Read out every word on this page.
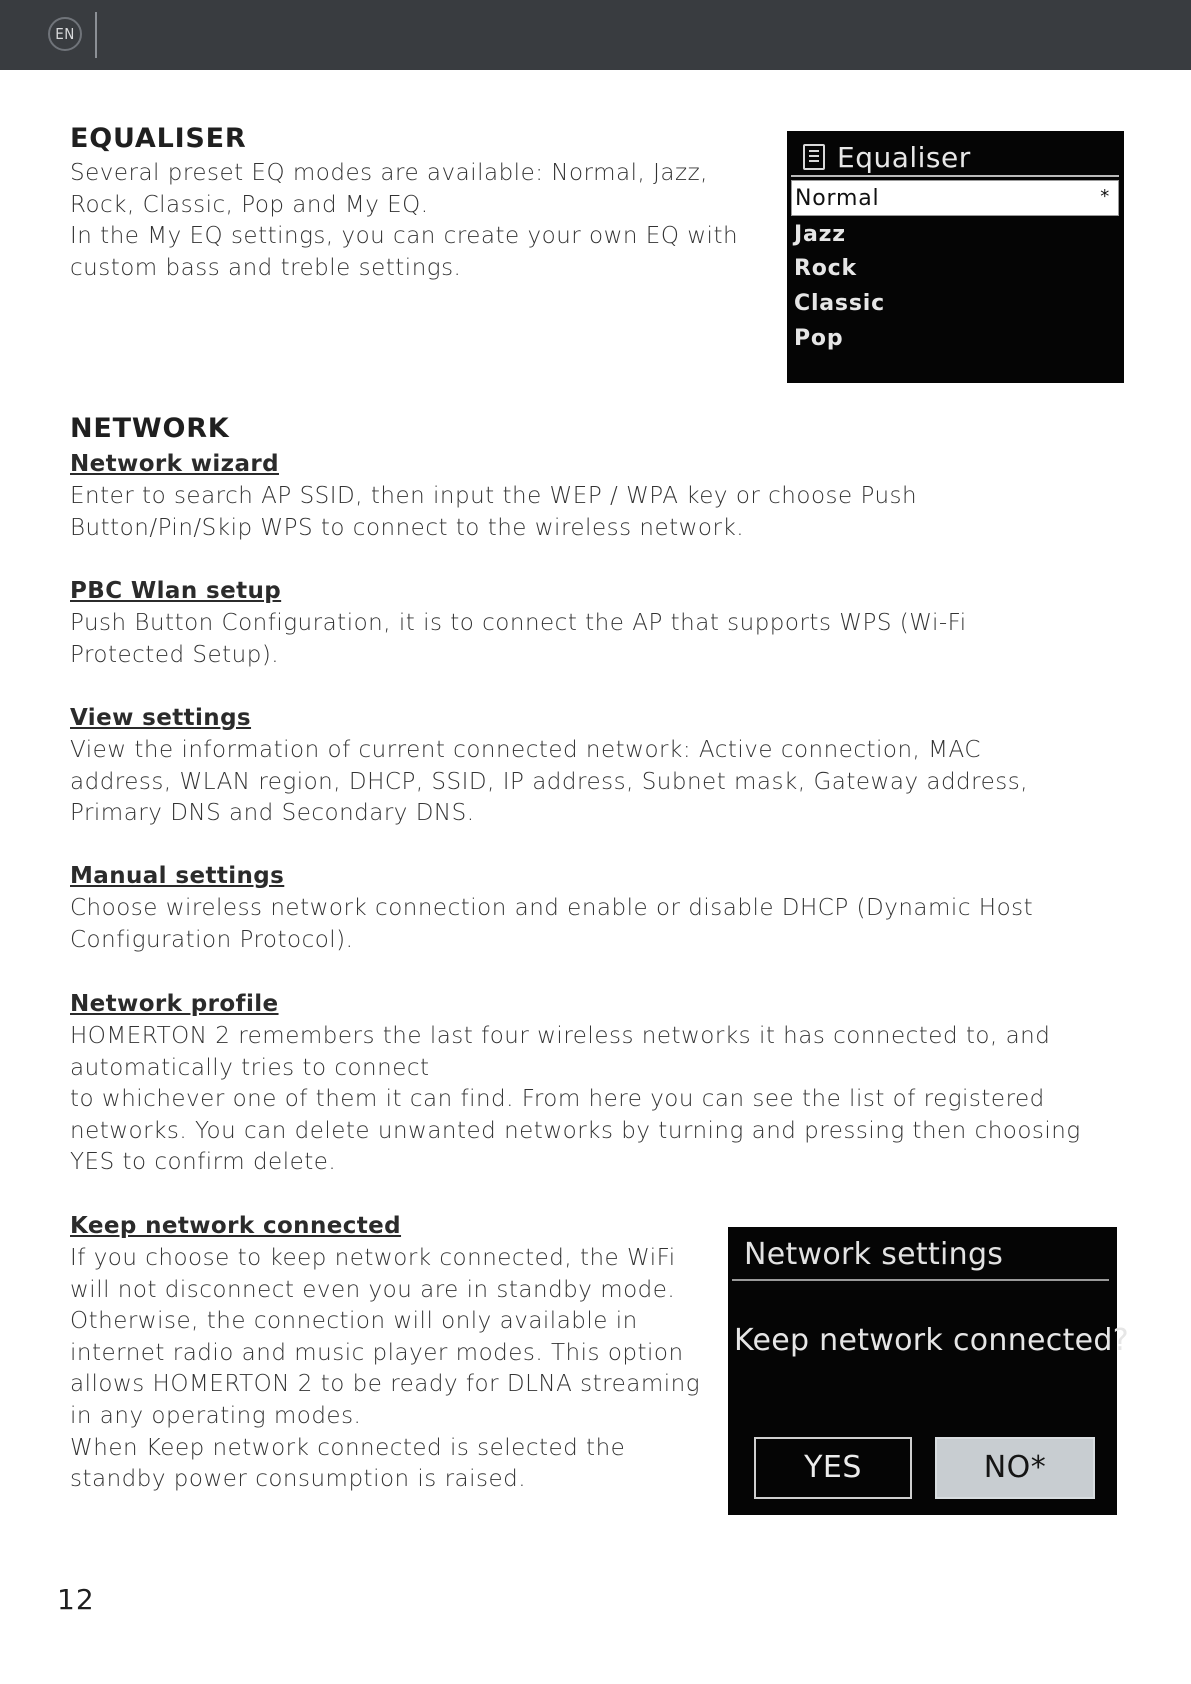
EN
EQUALISER

Several preset EQ modes are available: Normal, Jazz, Rock, Classic, Pop and My EQ.
In the My EQ settings, you can create your own EQ with custom bass and treble settings.

Equaliser
Normal	*
Jazz
Rock
Classic
Pop
NETWORK
Network wizard

Enter to search AP SSID, then input the WEP / WPA key or choose Push Button/Pin/Skip WPS to connect to the wireless network.

PBC Wlan setup

Push Button Configuration, it is to connect the AP that supports WPS (Wi-Fi Protected Setup).

View settings

View the information of current connected network: Active connection, MAC address, WLAN region, DHCP, SSID, IP address, Subnet mask, Gateway address, Primary DNS and Secondary DNS.

Manual settings

Choose wireless network connection and enable or disable DHCP (Dynamic Host Configuration Protocol).

Network profile

HOMERTON 2 remembers the last four wireless networks it has connected to, and automatically tries to connect
to whichever one of them it can find. From here you can see the list of registered networks. You can delete unwanted networks by turning and pressing then choosing YES to confirm delete.

Keep network connected

If you choose to keep network connected, the WiFi will not disconnect even you are in standby mode. Otherwise, the connection will only available in internet radio and music player modes. This option allows HOMERTON 2 to be ready for DLNA streaming in any operating modes.
When Keep network connected is selected the standby power consumption is raised.

Network settings
Keep network connected?
YES	NO*
12
